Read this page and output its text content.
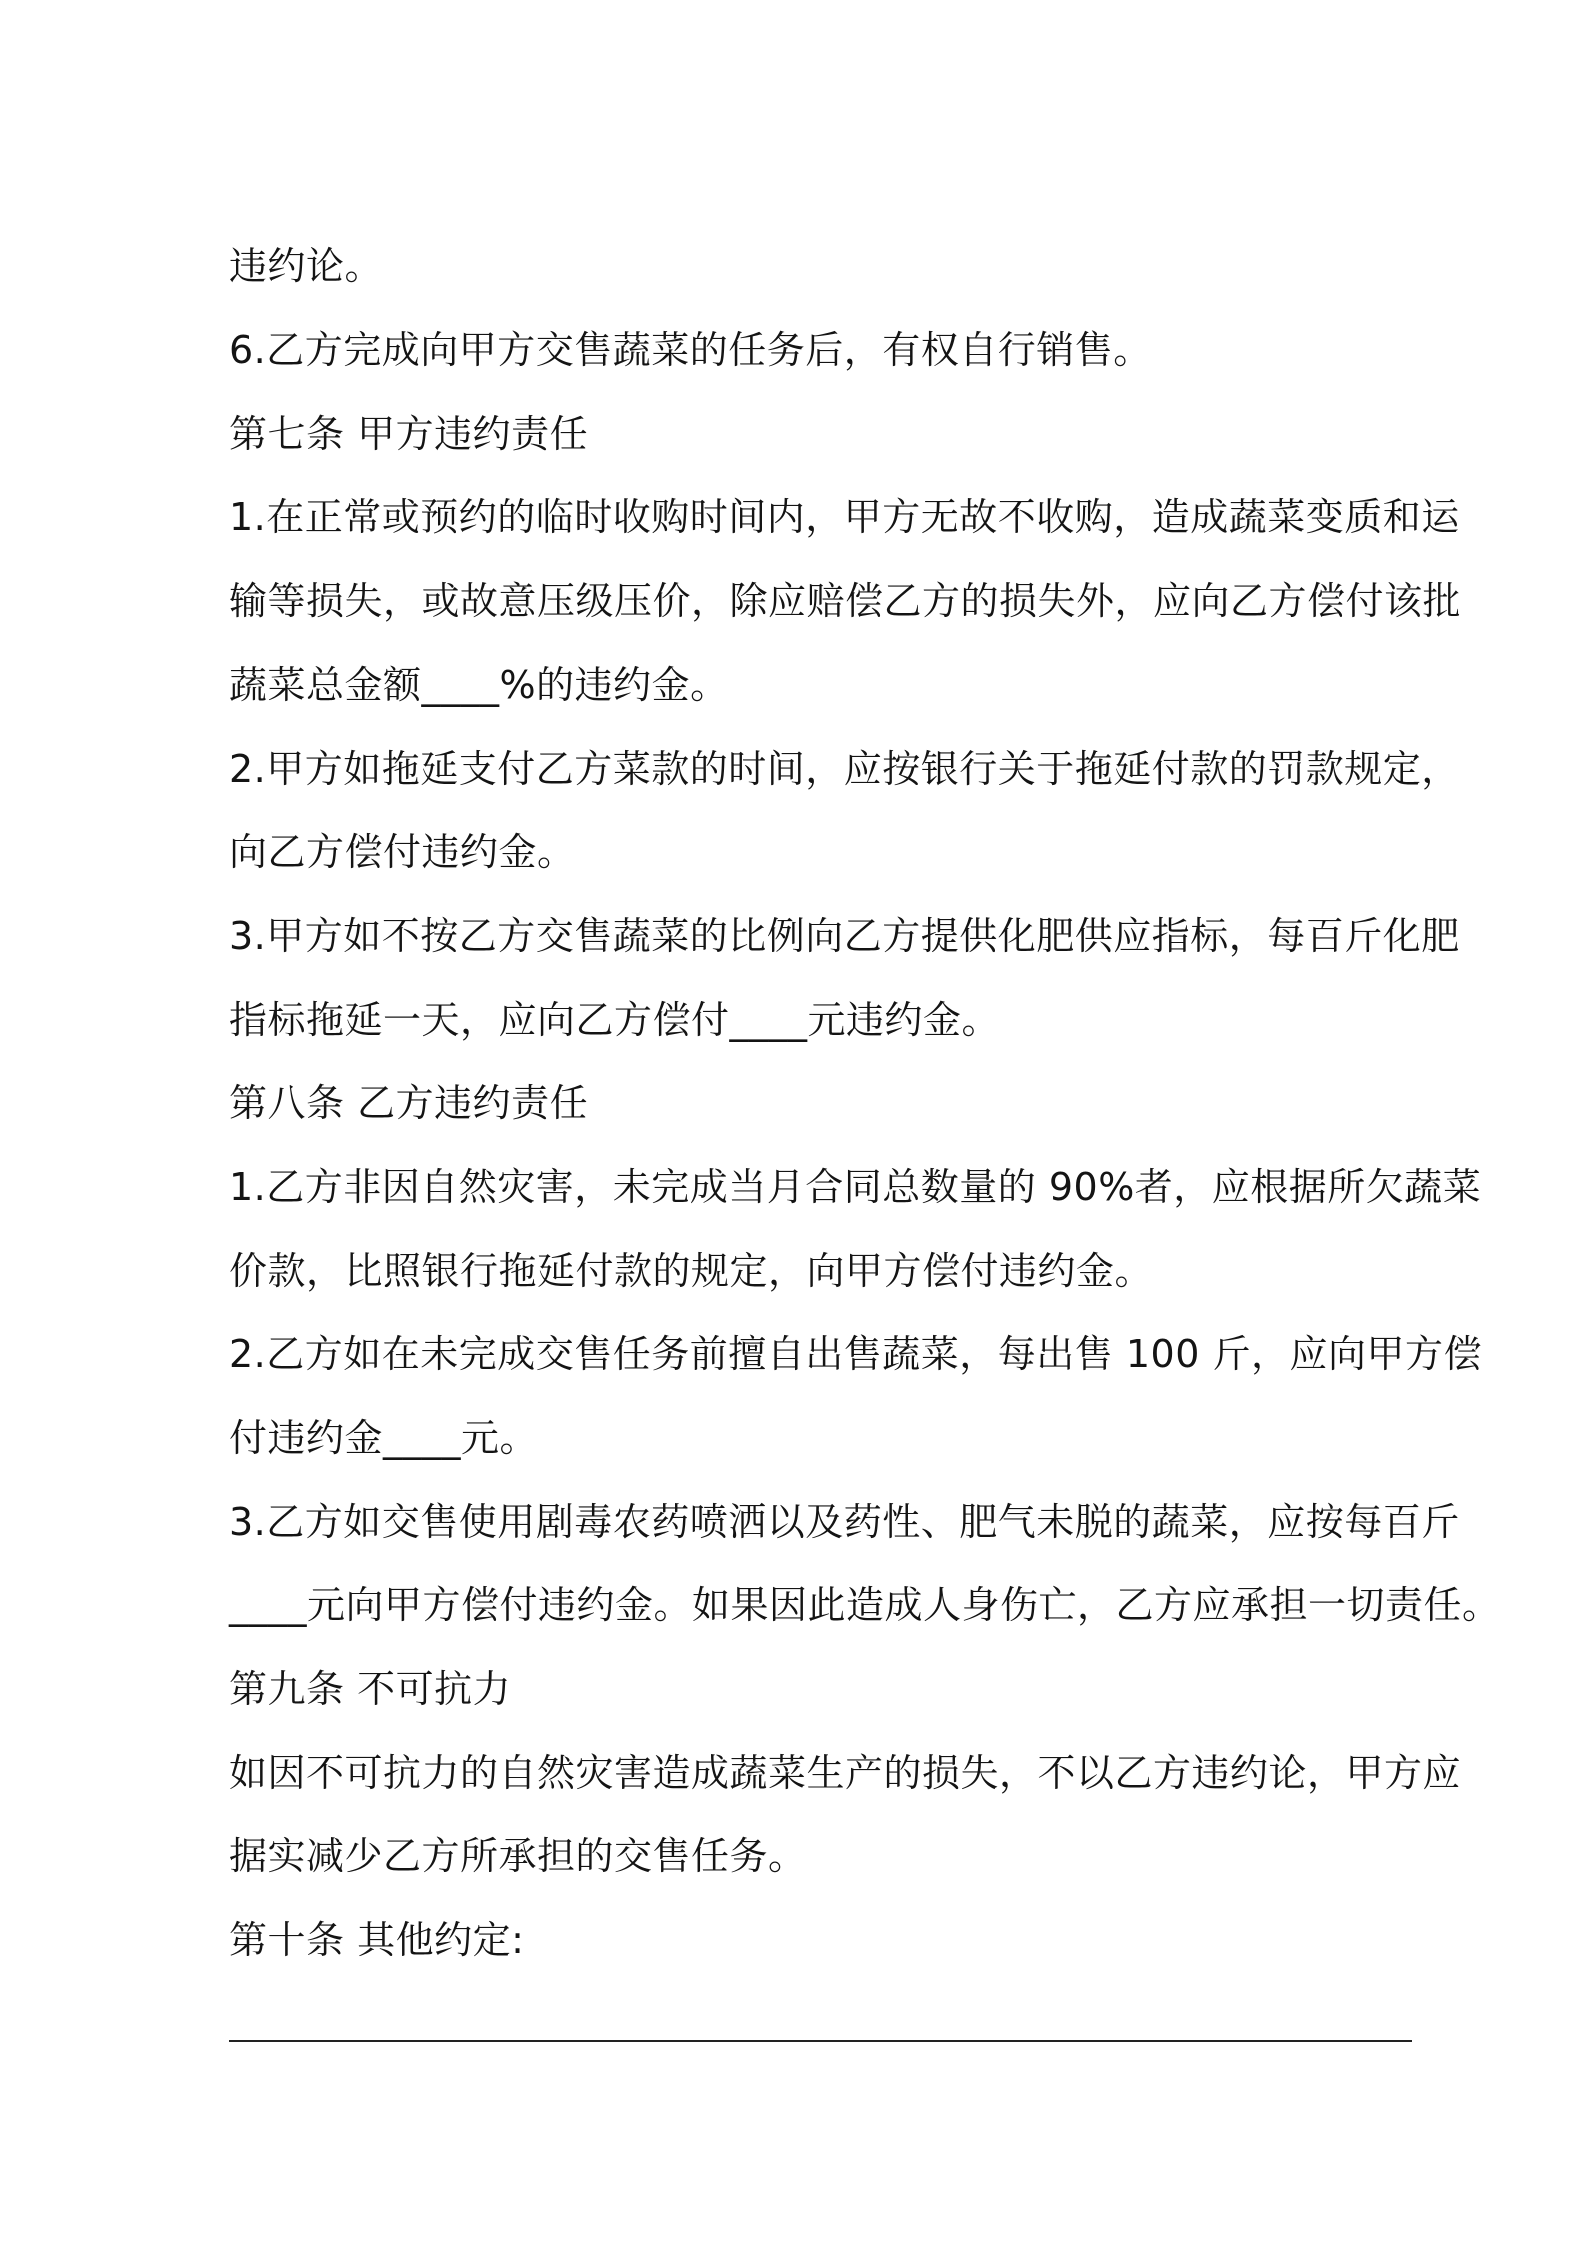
违约论。
6.乙方完成向甲方交售蔬菜的任务后，有权自行销售。
第七条 甲方违约责任
1.在正常或预约的临时收购时间内，甲方无故不收购，造成蔬菜变质和运
输等损失，或故意压级压价，除应赔偿乙方的损失外，应向乙方偿付该批
蔬菜总金额____%的违约金。
2.甲方如拖延支付乙方菜款的时间，应按银行关于拖延付款的罚款规定，
向乙方偿付违约金。
3.甲方如不按乙方交售蔬菜的比例向乙方提供化肥供应指标，每百斤化肥
指标拖延一天，应向乙方偿付____元违约金。
第八条 乙方违约责任
1.乙方非因自然灾害，未完成当月合同总数量的 90%者，应根据所欠蔬菜
价款，比照银行拖延付款的规定，向甲方偿付违约金。
2.乙方如在未完成交售任务前擅自出售蔬菜，每出售 100 斤，应向甲方偿
付违约金____元。
3.乙方如交售使用剧毒农药喷洒以及药性、肥气未脱的蔬菜，应按每百斤
____元向甲方偿付违约金。如果因此造成人身伤亡，乙方应承担一切责任。
第九条 不可抗力
如因不可抗力的自然灾害造成蔬菜生产的损失，不以乙方违约论，甲方应
据实减少乙方所承担的交售任务。
第十条 其他约定:
